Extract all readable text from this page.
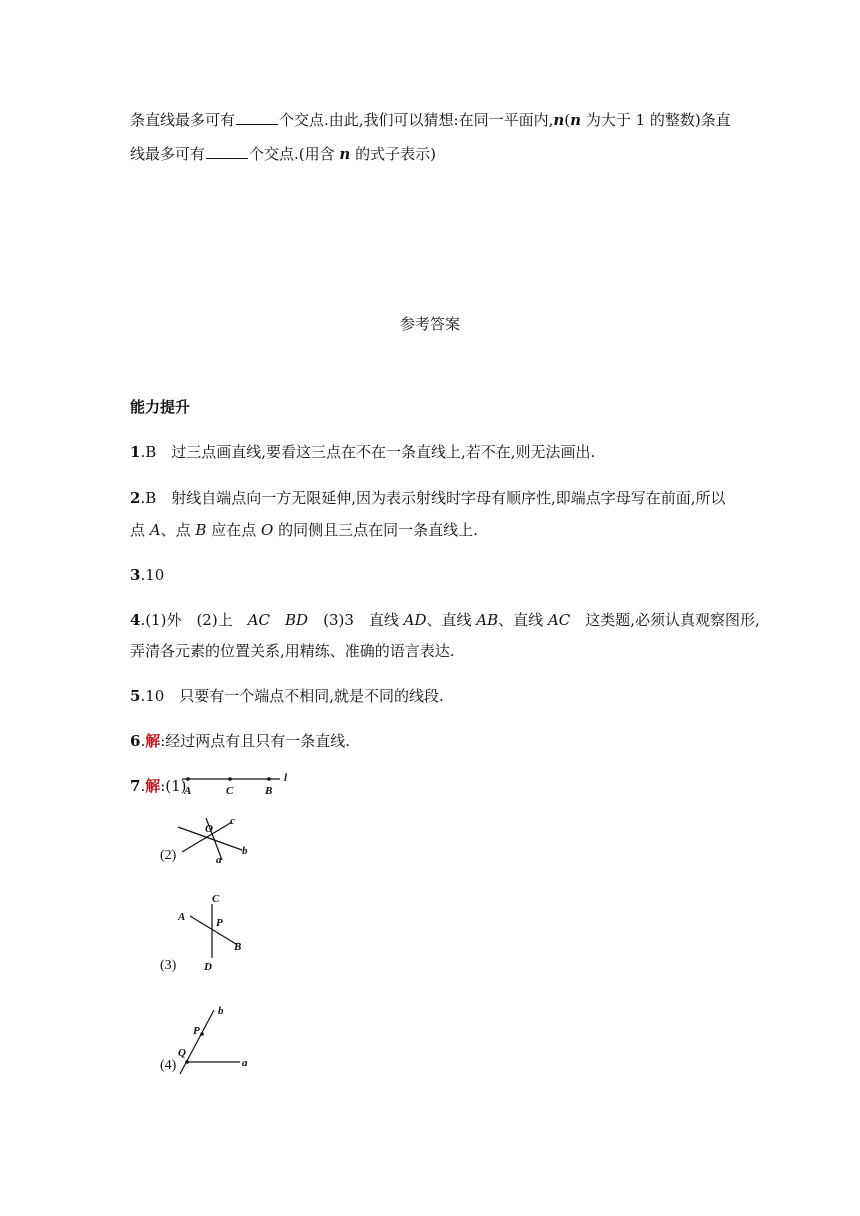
条直线最多可有	个交点.由此,我们可以猜想:在同一平面内,n(n 为大于 1 的整数)条直
线最多可有	个交点.(用含 n 的式子表示)
参考答案
能力提升
1.B　过三点画直线,要看这三点在不在一条直线上,若不在,则无法画出.
2.B　射线自端点向一方无限延伸,因为表示射线时字母有顺序性,即端点字母写在前面,所以
点 A、点 B 应在点 O 的同侧且三点在同一条直线上.
3.10
4.(1)外　(2)上　AC　 BD　(3)3　直线 AD、直线 AB、直线 AC　这类题,必须认真观察图形,
弄清各元素的位置关系,用精练、准确的语言表达.
5.10　只要有一个端点不相同,就是不同的线段.
6.解:经过两点有且只有一条直线.
7.解:(1)
A	C	B
l
(2)
O
c
b
a
(3)
C
A	P
B
D
(4)
b
P
Q
a
